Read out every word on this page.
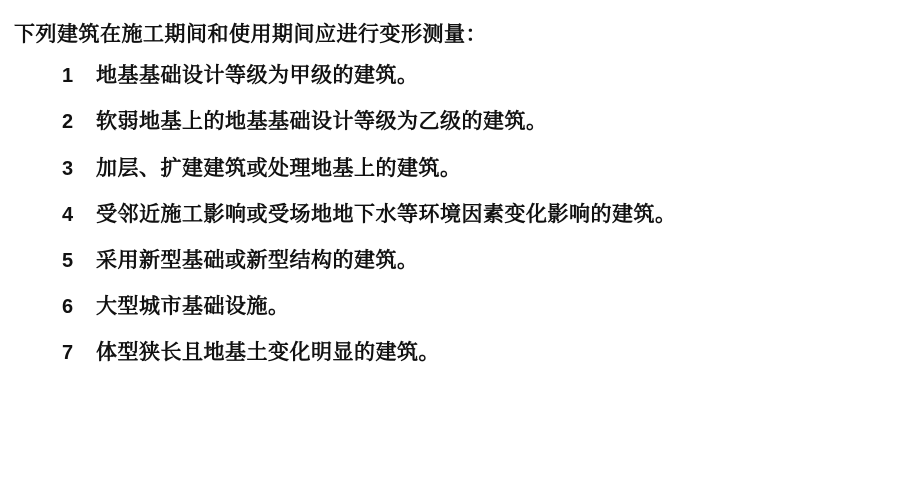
下列建筑在施工期间和使用期间应进行变形测量：

1	地基基础设计等级为甲级的建筑。
2	软弱地基上的地基基础设计等级为乙级的建筑。
3	加层、扩建建筑或处理地基上的建筑。
4	受邻近施工影响或受场地地下水等环境因素变化影响的建筑。
5	采用新型基础或新型结构的建筑。
6	大型城市基础设施。
7	体型狭长且地基土变化明显的建筑。
